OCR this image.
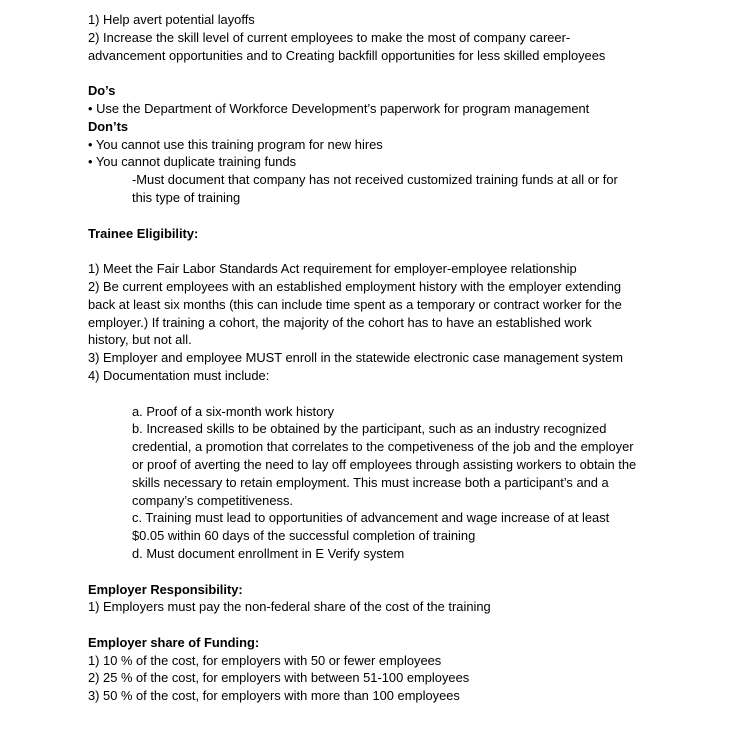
1) Help avert potential layoffs
2) Increase the skill level of current employees to make the most of company career-
advancement opportunities and to Creating backfill opportunities for less skilled employees
Do’s
• Use the Department of Workforce Development’s paperwork for program management
Don’ts
• You cannot use this training program for new hires
• You cannot duplicate training funds
-Must document that company has not received customized training funds at all or for
this type of training
Trainee Eligibility:
1) Meet the Fair Labor Standards Act requirement for employer-employee relationship
2) Be current employees with an established employment history with the employer extending
back at least six months (this can include time spent as a temporary or contract worker for the
employer.) If training a cohort, the majority of the cohort has to have an established work
history, but not all.
3) Employer and employee MUST enroll in the statewide electronic case management system
4) Documentation must include:
a. Proof of a six-month work history
b. Increased skills to be obtained by the participant, such as an industry recognized
credential, a promotion that correlates to the competiveness of the job and the employer
or proof of averting the need to lay off employees through assisting workers to obtain the
skills necessary to retain employment. This must increase both a participant’s and a
company’s competitiveness.
c. Training must lead to opportunities of advancement and wage increase of at least
$0.05 within 60 days of the successful completion of training
d. Must document enrollment in E Verify system
Employer Responsibility:
1) Employers must pay the non-federal share of the cost of the training
Employer share of Funding:
1) 10 % of the cost, for employers with 50 or fewer employees
2) 25 % of the cost, for employers with between 51-100 employees
3) 50 % of the cost, for employers with more than 100 employees
